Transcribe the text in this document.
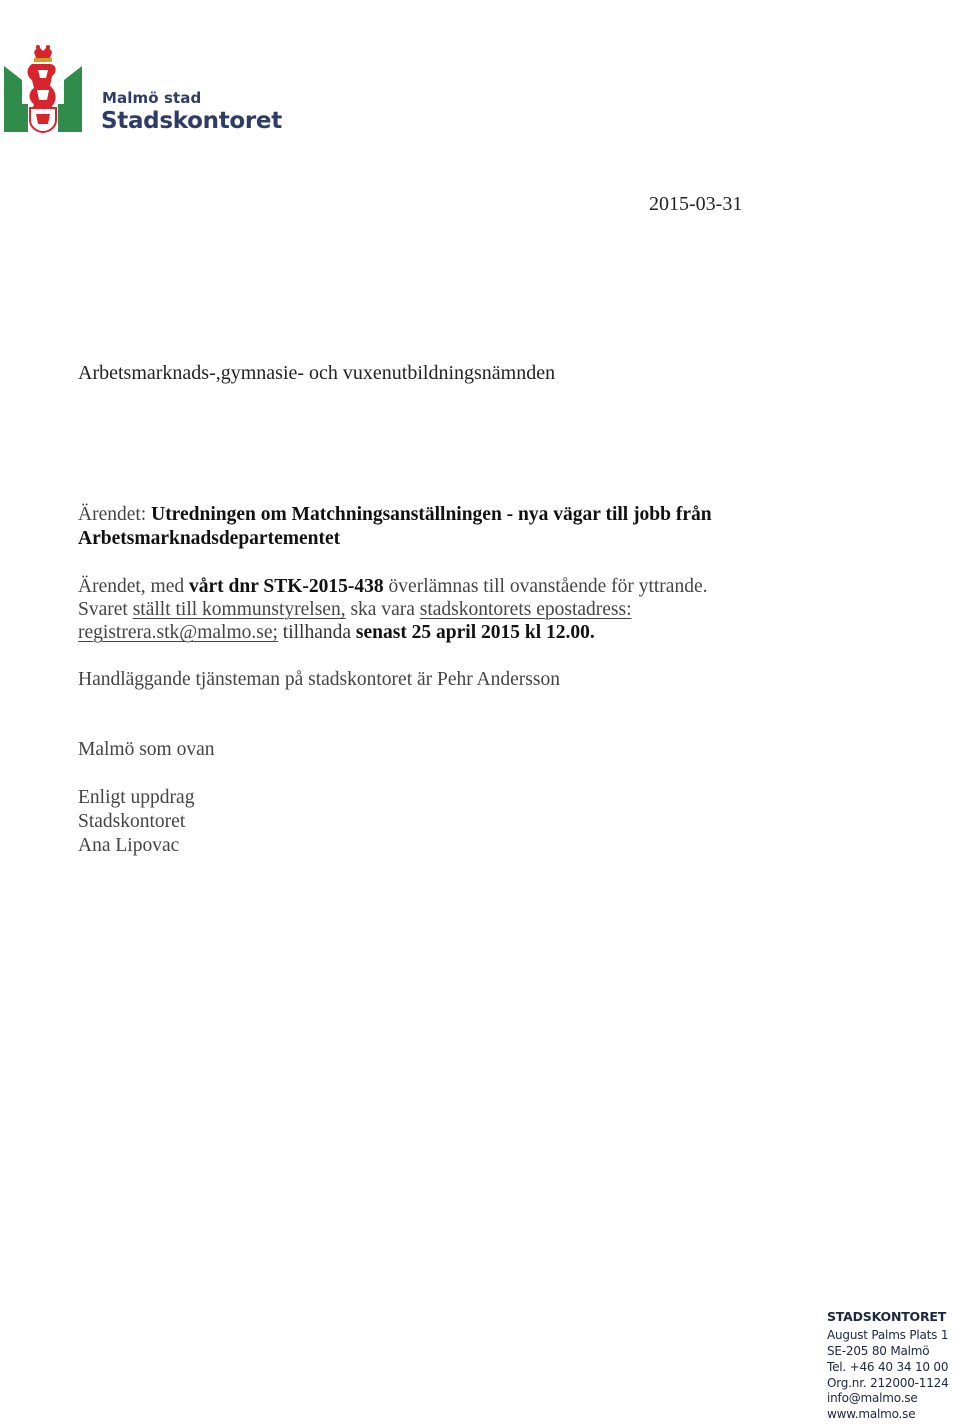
Malmö stad
Stadskontoret
2015-03-31
Arbetsmarknads-,gymnasie- och vuxenutbildningsnämnden
Ärendet: Utredningen om Matchningsanställningen - nya vägar till jobb från
Arbetsmarknadsdepartementet
Ärendet, med vårt dnr STK-2015-438 överlämnas till ovanstående för yttrande.
Svaret ställt till kommunstyrelsen, ska vara stadskontorets epostadress:
registrera.stk@malmo.se; tillhanda senast 25 april 2015 kl 12.00.
Handläggande tjänsteman på stadskontoret är Pehr Andersson
Malmö som ovan
Enligt uppdrag
Stadskontoret
Ana Lipovac
STADSKONTORET
August Palms Plats 1
SE-205 80 Malmö
Tel. +46 40 34 10 00
Org.nr. 212000-1124
info@malmo.se
www.malmo.se
